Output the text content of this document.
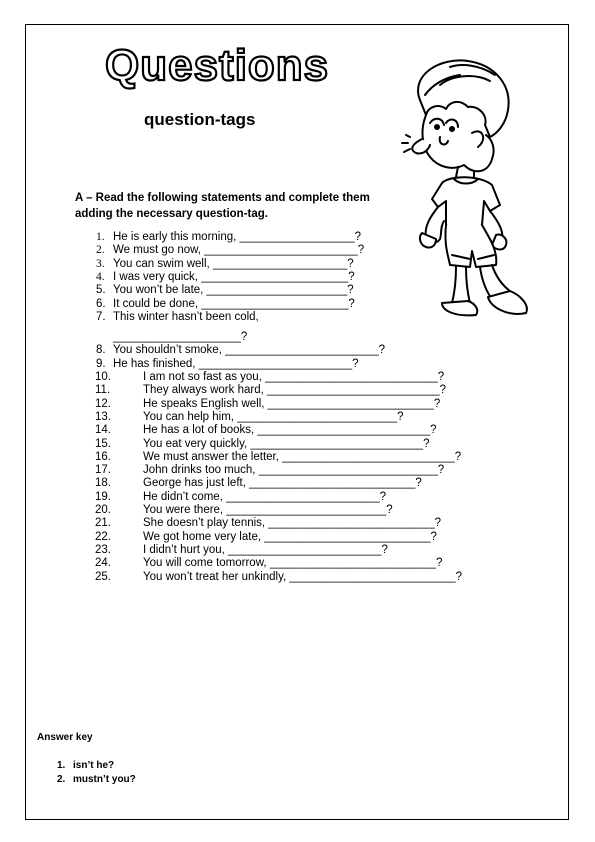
Questions
question-tags
A – Read the following statements and complete them adding the necessary question-tag.
1. He is early this morning, __________________?
2. We must go now, ________________________?
3. You can swim well, _____________________?
4. I was very quick, _______________________?
5. You won’t be late, ______________________?
6. It could be done, _______________________?
7. This winter hasn’t been cold,
____________________?
8. You shouldn’t smoke, ________________________?
9. He has finished, ________________________?
10.	I am not so fast as you, ___________________________?
11.	They always work hard, ___________________________?
12.	He speaks English well, __________________________?
13.	You can help him, _________________________?
14.	He has a lot of books, ___________________________?
15.	You eat very quickly, ___________________________?
16.	We must answer the letter, ___________________________?
17.	John drinks too much, ____________________________?
18.	George has just left, __________________________?
19.	He didn’t come, ________________________?
20.	You were there, _________________________?
21.	She doesn’t play tennis, __________________________?
22.	We got home very late, __________________________?
23.	I didn’t hurt you, ________________________?
24.	You will come tomorrow, __________________________?
25.	You won’t treat her unkindly, __________________________?
Answer key
1. isn’t he?
2. mustn’t you?
